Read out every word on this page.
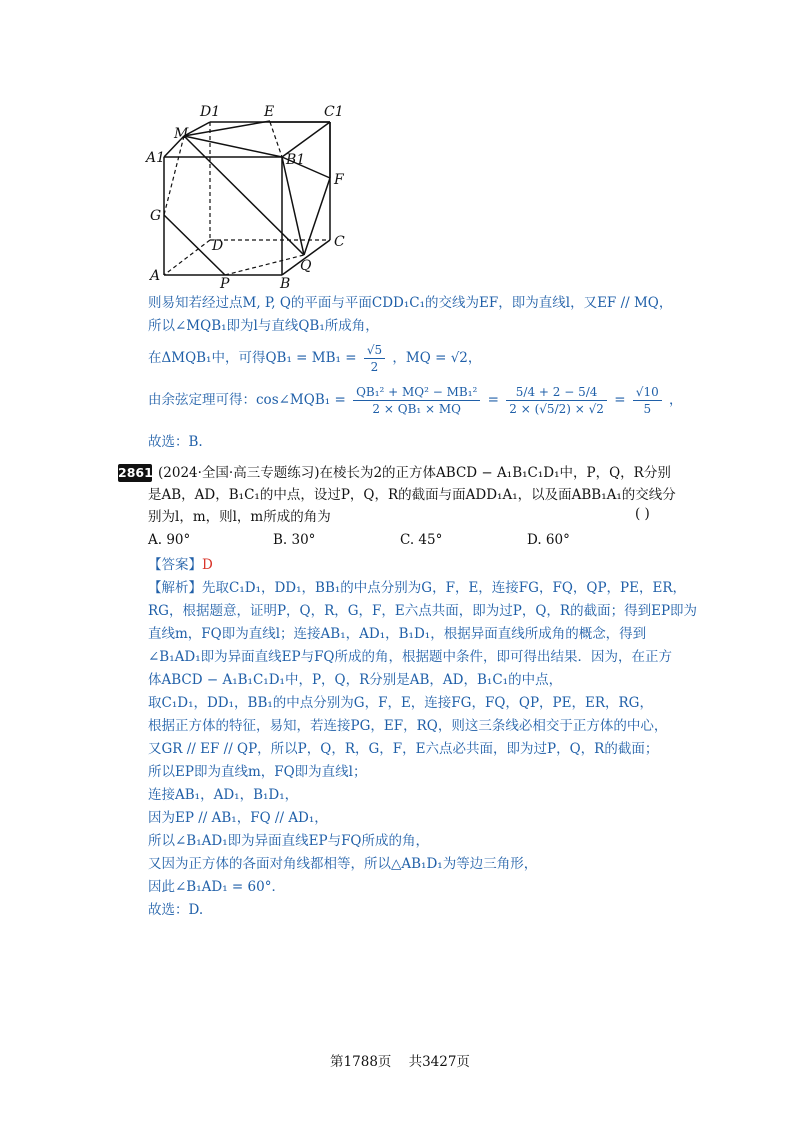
D1	E	C1
M
A1	B1
F
G
D	C
Q
A	P	B
则易知若经过点M, P, Q的平面与平面CDD₁C₁的交线为EF，即为直线l，又EF // MQ，
所以∠MQB₁即为l与直线QB₁所成角，
在ΔMQB₁中，可得$QB_1 = MB_1 = \frac{√5}{2}$ ，MQ = √2，
由余弦定理可得：cos∠MQB₁ = $\frac{\text{QB₁² + MQ² − MB₁²}}{\text{2 × QB₁ × MQ}} = \frac{5/4 + 2 - 5/4}{2 \times (√5/2) \times √2} = \frac{√10}{5}$ ，
故选：B.
2861 (2024·全国·高三专题练习)在棱长为2的正方体ABCD − A₁B₁C₁D₁中，P，Q，R分别
是AB，AD，B₁C₁的中点，设过P，Q，R的截面与面ADD₁A₁，以及面ABB₁A₁的交线分
别为l，m，则l，m所成的角为	( )
A. 90°	B. 30°	C. 45°	D. 60°
【答案】D
【解析】先取C₁D₁，DD₁，BB₁的中点分别为G，F，E，连接FG，FQ，QP，PE，ER，
RG，根据题意，证明P，Q，R，G，F，E六点共面，即为过P，Q，R的截面；得到EP即为
直线m，FQ即为直线l；连接AB₁，AD₁，B₁D₁，根据异面直线所成角的概念，得到
∠B₁AD₁即为异面直线EP与FQ所成的角，根据题中条件，即可得出结果．因为，在正方
体ABCD − A₁B₁C₁D₁中，P，Q，R分别是AB，AD，B₁C₁的中点，
取C₁D₁，DD₁，BB₁的中点分别为G，F，E，连接FG，FQ，QP，PE，ER，RG，
根据正方体的特征，易知，若连接PG，EF，RQ，则这三条线必相交于正方体的中心，
又GR // EF // QP，所以P，Q，R，G，F，E六点必共面，即为过P，Q，R的截面；
所以EP即为直线m，FQ即为直线l；
连接AB₁，AD₁，B₁D₁，
因为EP // AB₁，FQ // AD₁，
所以∠B₁AD₁即为异面直线EP与FQ所成的角，
又因为正方体的各面对角线都相等，所以△AB₁D₁为等边三角形，
因此∠B₁AD₁ = 60°．
故选：D.
第1788页 共3427页
